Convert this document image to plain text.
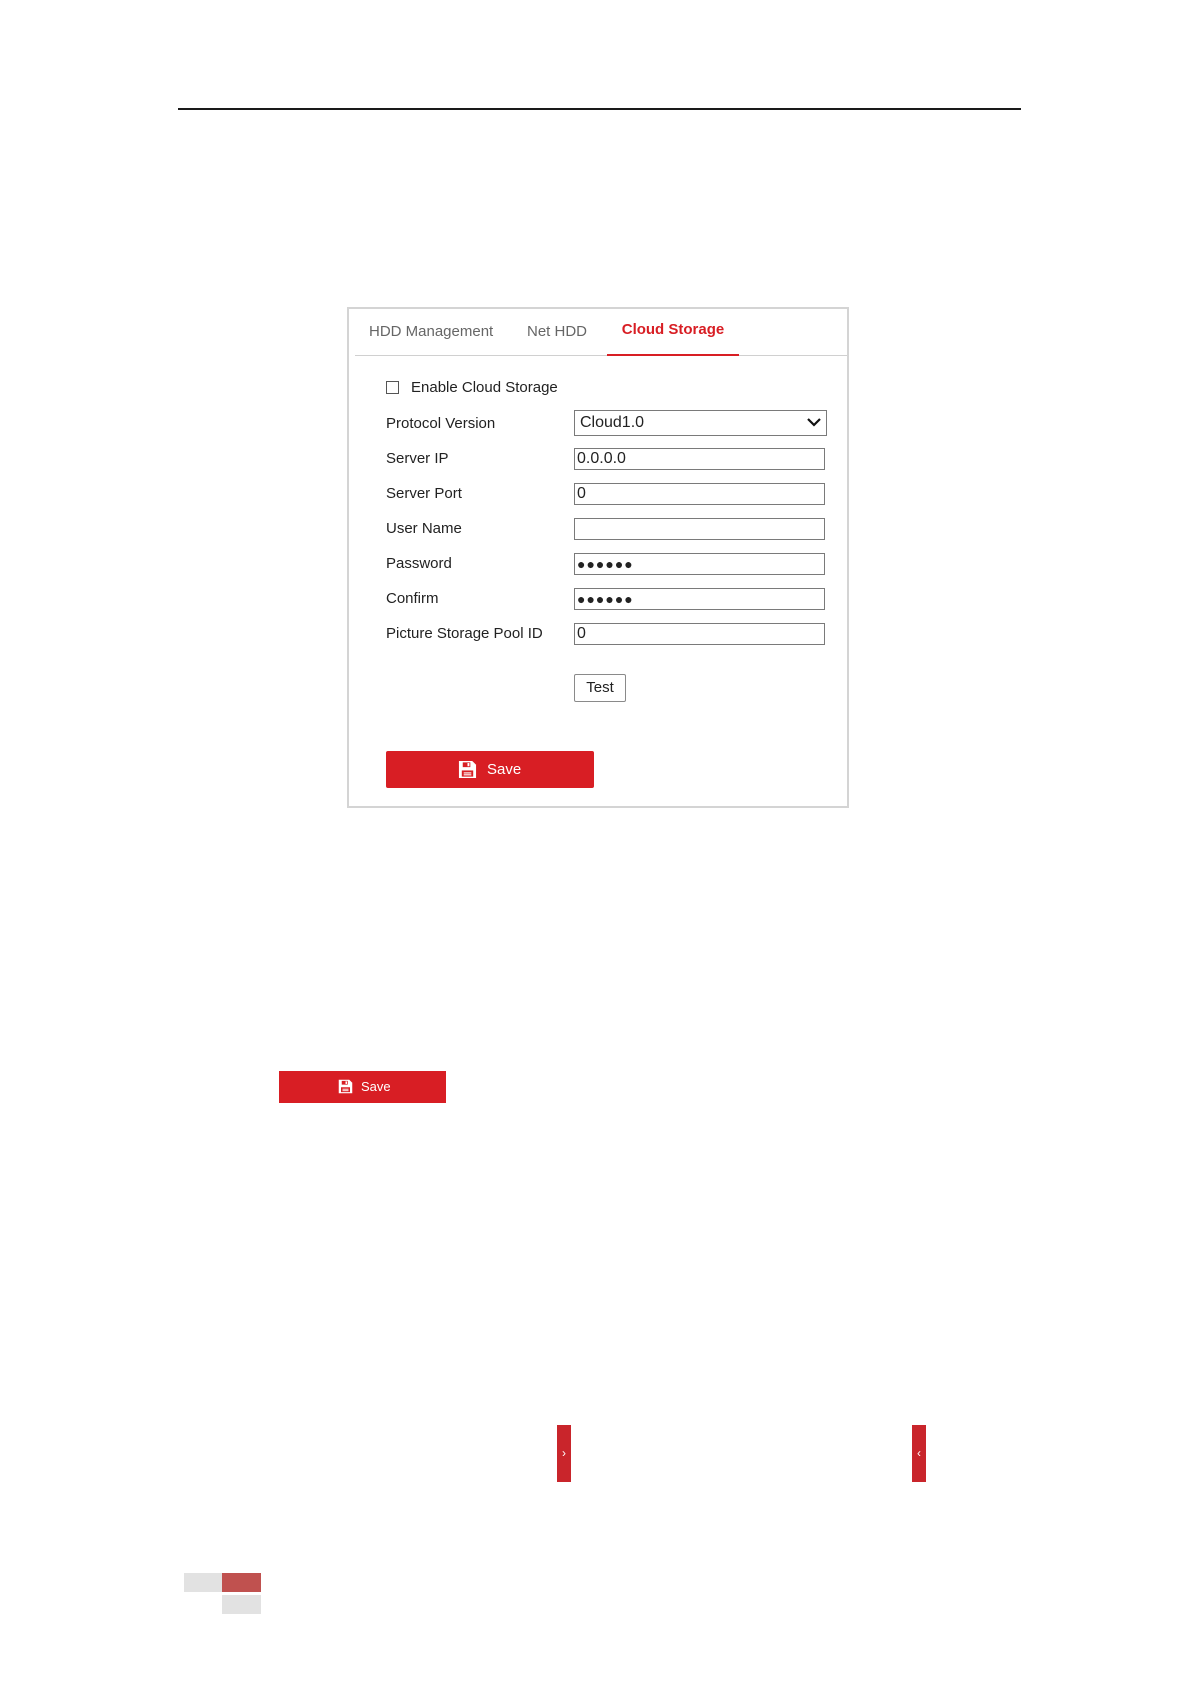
HDD Management Net HDD	Cloud Storage
Enable Cloud Storage
Protocol Version	Cloud1.0
Server IP	0.0.0.0
Server Port	0
User Name
Password	●●●●●●
Confirm	●●●●●●
Picture Storage Pool ID 0
Test
Save
Save
›	‹
